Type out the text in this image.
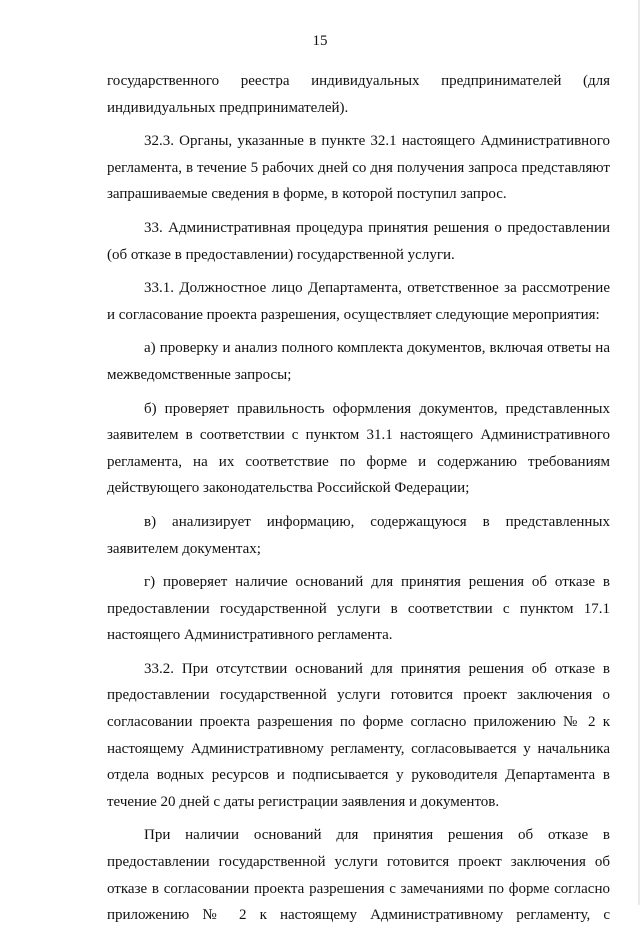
15

государственного реестра индивидуальных предпринимателей (для индивидуальных предпринимателей).

32.3. Органы, указанные в пункте 32.1 настоящего Административного регламента, в течение 5 рабочих дней со дня получения запроса представляют запрашиваемые сведения в форме, в которой поступил запрос.

33. Административная процедура принятия решения о предоставлении (об отказе в предоставлении) государственной услуги.

33.1. Должностное лицо Департамента, ответственное за рассмотрение и согласование проекта разрешения, осуществляет следующие мероприятия:

а) проверку и анализ полного комплекта документов, включая ответы на межведомственные запросы;

б) проверяет правильность оформления документов, представленных заявителем в соответствии с пунктом 31.1 настоящего Административного регламента, на их соответствие по форме и содержанию требованиям действующего законодательства Российской Федерации;

в) анализирует информацию, содержащуюся в представленных заявителем документах;

г) проверяет наличие оснований для принятия решения об отказе в предоставлении государственной услуги в соответствии с пунктом 17.1 настоящего Административного регламента.

33.2. При отсутствии оснований для принятия решения об отказе в предоставлении государственной услуги готовится проект заключения о согласовании проекта разрешения по форме согласно приложению № 2 к настоящему Административному регламенту, согласовывается у начальника отдела водных ресурсов и подписывается у руководителя Департамента в течение 20 дней с даты регистрации заявления и документов.

При наличии оснований для принятия решения об отказе в предоставлении государственной услуги готовится проект заключения об отказе в согласовании проекта разрешения с замечаниями по форме согласно приложению № 2 к настоящему Административному регламенту, с
